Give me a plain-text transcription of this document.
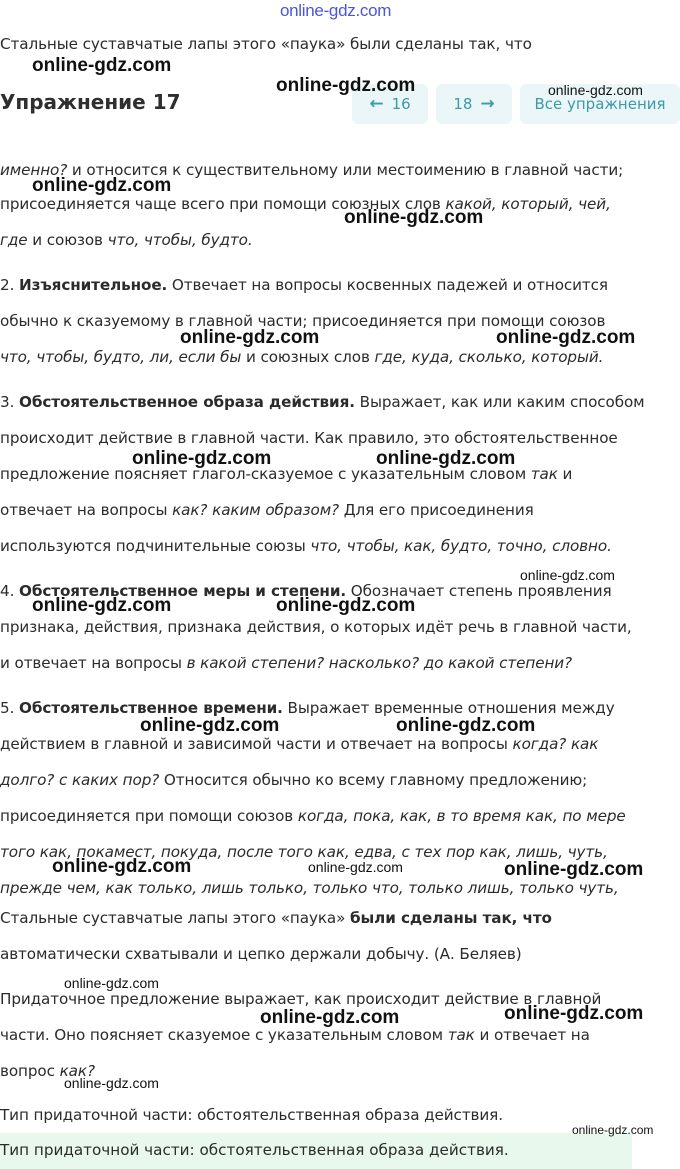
online-gdz.com
Стальные суставчатые лапы этого «паука» были сделаны так, что
Упражнение 17	← 16	18 →	Все упражнения
именно? и относится к существительному или местоимению в главной части;
присоединяется чаще всего при помощи союзных слов какой, который, чей,
где и союзов что, чтобы, будто.
2. Изъяснительное. Отвечает на вопросы косвенных падежей и относится
обычно к сказуемому в главной части; присоединяется при помощи союзов
что, чтобы, будто, ли, если бы и союзных слов где, куда, сколько, который.
3. Обстоятельственное образа действия. Выражает, как или каким способом
происходит действие в главной части. Как правило, это обстоятельственное
предложение поясняет глагол-сказуемое с указательным словом так и
отвечает на вопросы как? каким образом? Для его присоединения
используются подчинительные союзы что, чтобы, как, будто, точно, словно.
4. Обстоятельственное меры и степени. Обозначает степень проявления
признака, действия, признака действия, о которых идёт речь в главной части,
и отвечает на вопросы в какой степени? насколько? до какой степени?
5. Обстоятельственное времени. Выражает временные отношения между
действием в главной и зависимой части и отвечает на вопросы когда? как
долго? с каких пор? Относится обычно ко всему главному предложению;
присоединяется при помощи союзов когда, пока, как, в то время как, по мере
того как, покамест, покуда, после того как, едва, с тех пор как, лишь, чуть,
прежде чем, как только, лишь только, только что, только лишь, только чуть,
Стальные суставчатые лапы этого «паука» были сделаны так, что
автоматически схватывали и цепко держали добычу. (А. Беляев)
Придаточное предложение выражает, как происходит действие в главной
части. Оно поясняет сказуемое с указательным словом так и отвечает на
вопрос как?
Тип придаточной части: обстоятельственная образа действия.
Тип придаточной части: обстоятельственная образа действия.
online-gdz.com
online-gdz.com	online-gdz.com
online-gdz.com
online-gdz.com
online-gdz.com	online-gdz.com
online-gdz.com	online-gdz.com
online-gdz.com
online-gdz.com	online-gdz.com
online-gdz.com	online-gdz.com
online-gdz.com	online-gdz.com	online-gdz.com
online-gdz.com
online-gdz.com
online-gdz.com
online-gdz.com
online-gdz.com
